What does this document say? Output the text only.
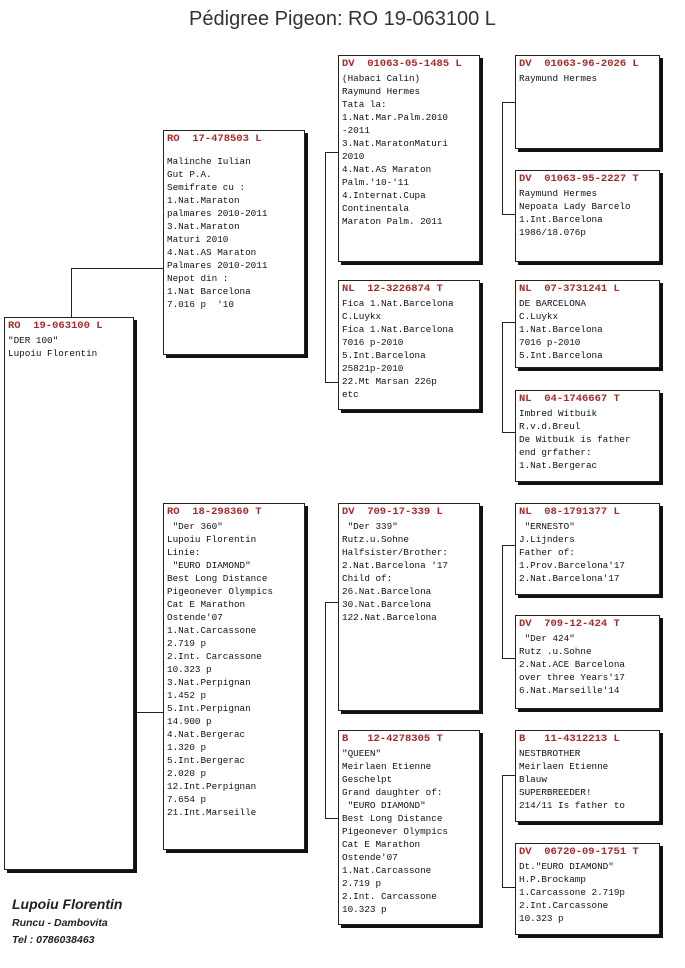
Pédigree Pigeon: RO 19-063100 L
RO  19-063100 L
"DER 100"
Lupoiu Florentin
RO  17-478503 L
Malinche Iulian
Gut P.A.
Semifrate cu :
1.Nat.Maraton
palmares 2010-2011
3.Nat.Maraton
Maturi 2010
4.Nat.AS Maraton
Palmares 2010-2011
Nepot din :
1.Nat Barcelona
7.016 p  '10
RO  18-298360 T
"Der 360"
Lupoiu Florentin
Linie:
"EURO DIAMOND"
Best Long Distance
Pigeonever Olympics
Cat E Marathon
Ostende'07
1.Nat.Carcassone
2.719 p
2.Int. Carcassone
10.323 p
3.Nat.Perpignan
1.452 p
5.Int.Perpignan
14.900 p
4.Nat.Bergerac
1.320 p
5.Int.Bergerac
2.020 p
12.Int.Perpignan
7.654 p
21.Int.Marseille
DV  01063-05-1485 L
(Habaci Calin)
Raymund Hermes
Tata la:
1.Nat.Mar.Palm.2010
-2011
3.Nat.MaratonMaturi
2010
4.Nat.AS Maraton
Palm.'10-'11
4.Internat.Cupa
Continentala
Maraton Palm. 2011
NL  12-3226874 T
Fica 1.Nat.Barcelona
C.Luykx
Fica 1.Nat.Barcelona
7016 p-2010
5.Int.Barcelona
25821p-2010
22.Mt Marsan 226p
etc
DV  709-17-339 L
"Der 339"
Rutz.u.Sohne
Halfsister/Brother:
2.Nat.Barcelona '17
Child of:
26.Nat.Barcelona
30.Nat.Barcelona
122.Nat.Barcelona
B   12-4278305 T
"QUEEN"
Meirlaen Etienne
Geschelpt
Grand daughter of:
"EURO DIAMOND"
Best Long Distance
Pigeonever Olympics
Cat E Marathon
Ostende'07
1.Nat.Carcassone
2.719 p
2.Int. Carcassone
10.323 p
DV  01063-96-2026 L
Raymund Hermes
DV  01063-95-2227 T
Raymund Hermes
Nepoata Lady Barcelo
1.Int.Barcelona
1986/18.076p
NL  07-3731241 L
DE BARCELONA
C.Luykx
1.Nat.Barcelona
7016 p-2010
5.Int.Barcelona
NL  04-1746667 T
Imbred Witbuik
R.v.d.Breul
De Witbuik is father
end grfather:
1.Nat.Bergerac
NL  08-1791377 L
"ERNESTO"
J.Lijnders
Father of:
1.Prov.Barcelona'17
2.Nat.Barcelona'17
DV  709-12-424 T
"Der 424"
Rutz .u.Sohne
2.Nat.ACE Barcelona
over three Years'17
6.Nat.Marseille'14
B   11-4312213 L
NESTBROTHER
Meirlaen Etienne
Blauw
SUPERBREEDER!
214/11 Is father to
DV  06720-09-1751 T
Dt."EURO DIAMOND"
H.P.Brockamp
1.Carcassone 2.719p
2.Int.Carcassone
10.323 p
Lupoiu Florentin
Runcu - Dambovita
Tel : 0786038463
